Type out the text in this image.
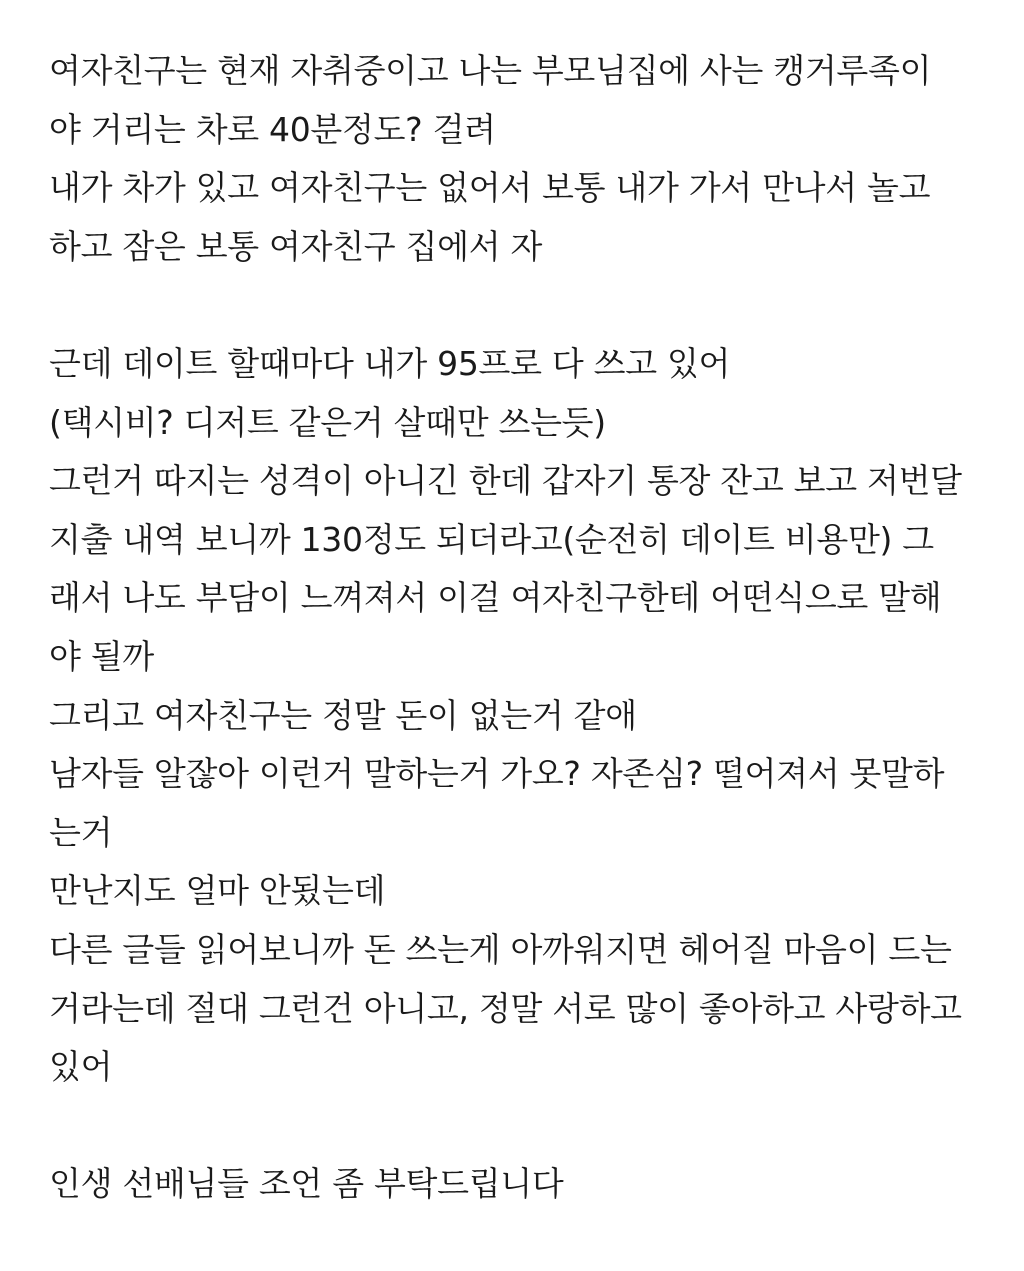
여자친구는 현재 자취중이고 나는 부모님집에 사는 캥거루족이
야 거리는 차로 40분정도? 걸려
내가 차가 있고 여자친구는 없어서 보통 내가 가서 만나서 놀고
하고 잠은 보통 여자친구 집에서 자
근데 데이트 할때마다 내가 95프로 다 쓰고 있어
(택시비? 디저트 같은거 살때만 쓰는듯)
그런거 따지는 성격이 아니긴 한데 갑자기 통장 잔고 보고 저번달
지출 내역 보니까 130정도 되더라고(순전히 데이트 비용만) 그
래서 나도 부담이 느껴져서 이걸 여자친구한테 어떤식으로 말해
야 될까
그리고 여자친구는 정말 돈이 없는거 같애
남자들 알잖아 이런거 말하는거 가오? 자존심? 떨어져서 못말하
는거
만난지도 얼마 안됬는데
다른 글들 읽어보니까 돈 쓰는게 아까워지면 헤어질 마음이 드는
거라는데 절대 그런건 아니고, 정말 서로 많이 좋아하고 사랑하고
있어
인생 선배님들 조언 좀 부탁드립니다
